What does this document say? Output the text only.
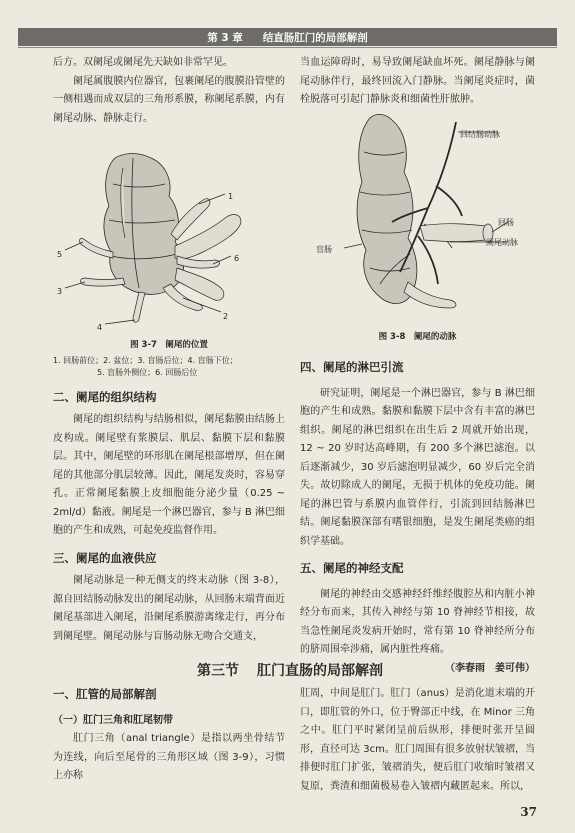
第 3 章 结直肠肛门的局部解剖

后方。双阑尾或阑尾先天缺如非常罕见。

阑尾属腹膜内位器官，包裹阑尾的腹膜沿管壁的一侧相遇而成双层的三角形系膜，称阑尾系膜，内有阑尾动脉、静脉走行。

1
2
3
4
5	6
图 3-7　阑尾的位置
1. 回肠前位；2. 盆位；3. 盲肠后位；4. 盲肠下位；
5. 盲肠外侧位；6. 回肠后位
二、阑尾的组织结构

阑尾的组织结构与结肠相似，阑尾黏膜由结肠上皮构成。阑尾壁有浆膜层、肌层、黏膜下层和黏膜层。其中，阑尾壁的环形肌在阑尾根部增厚，但在阑尾的其他部分肌层较薄。因此，阑尾发炎时，容易穿孔。正常阑尾黏膜上皮细胞能分泌少量（0.25 ~ 2ml/d）黏液。阑尾是一个淋巴器官，参与 B 淋巴细胞的产生和成熟，可起免疫监督作用。

三、阑尾的血液供应

阑尾动脉是一种无侧支的终末动脉（图 3-8），源自回结肠动脉发出的阑尾动脉，从回肠末端背面近阑尾基部进入阑尾，沿阑尾系膜游离缘走行，再分布到阑尾壁。阑尾动脉与盲肠动脉无吻合交通支，

当血运障碍时，易导致阑尾缺血坏死。阑尾静脉与阑尾动脉伴行，最终回流入门静脉。当阑尾炎症时，菌栓脱落可引起门静脉炎和细菌性肝脓肿。

回结肠动脉
回肠
阑尾动脉
盲肠
图 3-8　阑尾的动脉
四、阑尾的淋巴引流

研究证明，阑尾是一个淋巴器官，参与 B 淋巴细胞的产生和成熟。黏膜和黏膜下层中含有丰富的淋巴组织。阑尾的淋巴组织在出生后 2 周就开始出现，12 ~ 20 岁时达高峰期，有 200 多个淋巴滤泡。以后逐渐减少，30 岁后滤泡明显减少，60 岁后完全消失。故切除成人的阑尾，无损于机体的免疫功能。阑尾的淋巴管与系膜内血管伴行，引流到回结肠淋巴结。阑尾黏膜深部有嗜银细胞，是发生阑尾类癌的组织学基础。

五、阑尾的神经支配

阑尾的神经由交感神经纤维经腹腔丛和内脏小神经分布而来，其传入神经与第 10 脊神经节相接，故当急性阑尾炎发病开始时，常有第 10 脊神经所分布的脐周围牵涉痛，属内脏性疼痛。

（李春雨　姜可伟）
第三节 肛门直肠的局部解剖
一、肛管的局部解剖
（一）肛门三角和肛尾韧带

肛门三角（anal triangle）是指以两坐骨结节为连线，向后至尾骨的三角形区域（图 3-9），习惯上亦称

肛周，中间是肛门。肛门（anus）是消化道末端的开口，即肛管的外口，位于臀部正中线，在 Minor 三角之中。肛门平时紧闭呈前后纵形，排便时张开呈圆形，直径可达 3cm。肛门周围有很多放射状皱褶，当排便时肛门扩张，皱褶消失，便后肛门收缩时皱褶又复原，粪渣和细菌极易卷入皱褶内藏匿起来。所以，

37
